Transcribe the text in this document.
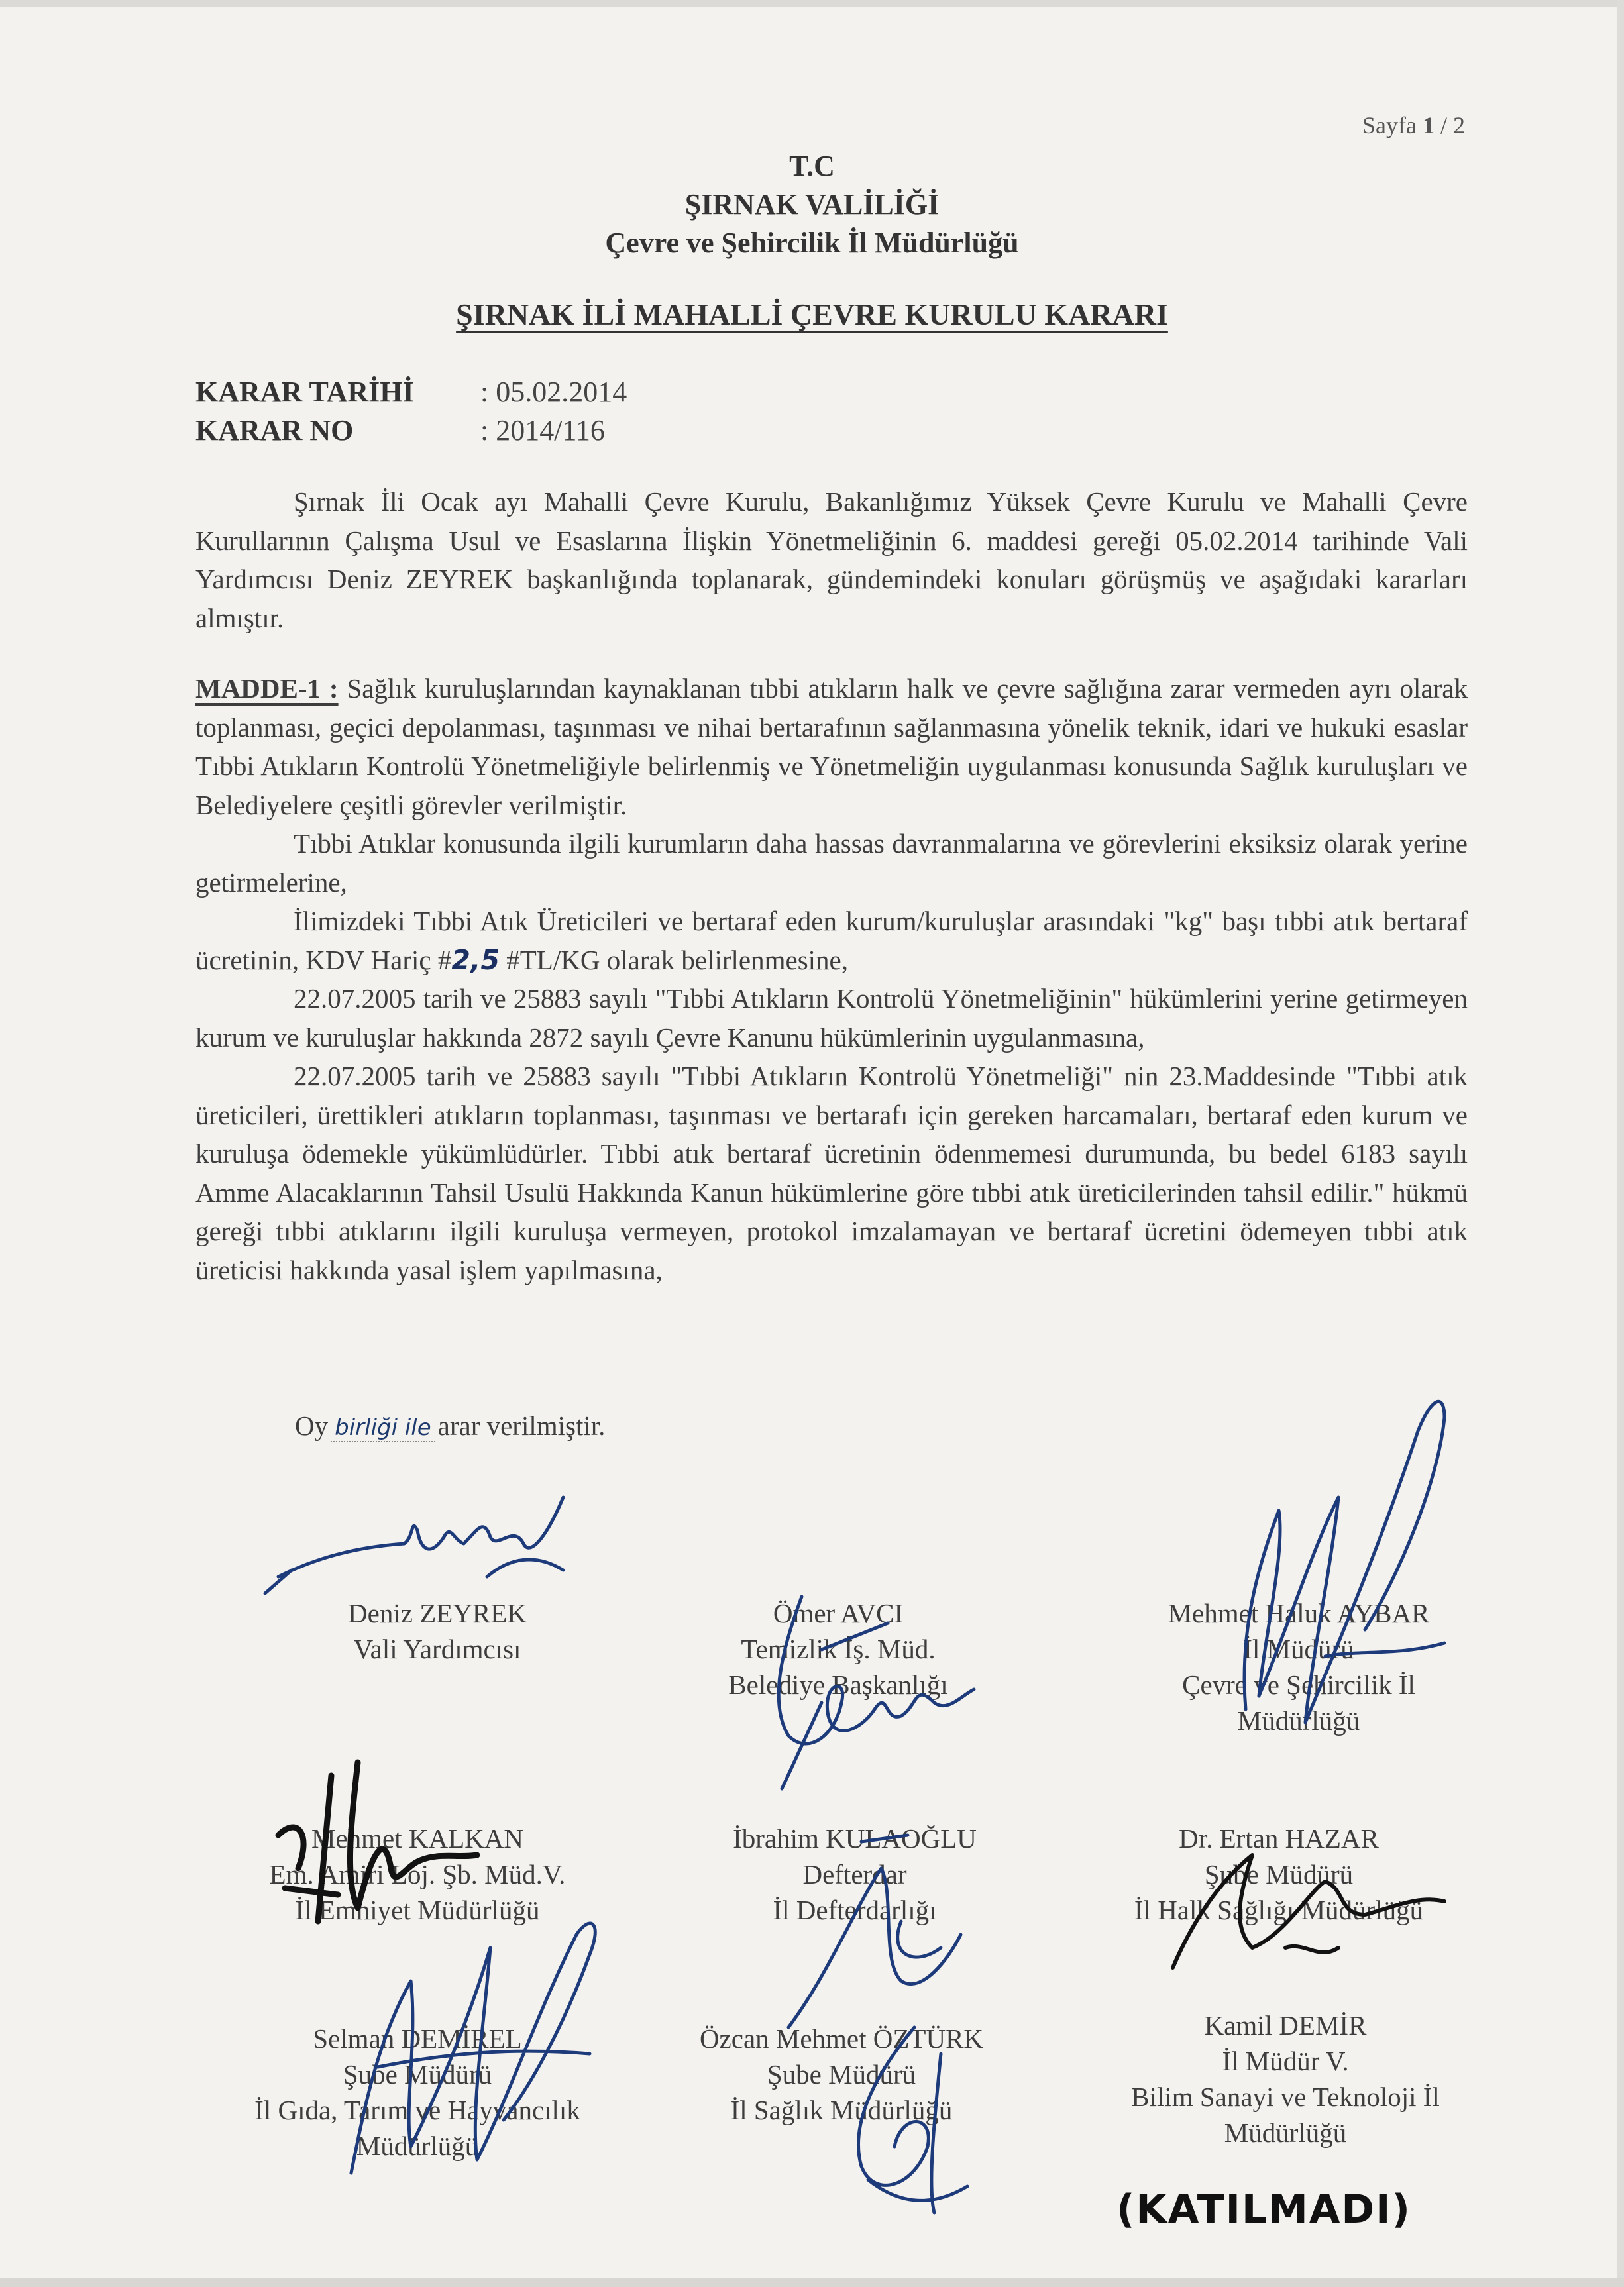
Sayfa 1 / 2
T.C
ŞIRNAK VALİLİĞİ
Çevre ve Şehircilik İl Müdürlüğü
ŞIRNAK İLİ MAHALLİ ÇEVRE KURULU KARARI
KARAR TARİHİ : 05.02.2014
KARAR NO	: 2014/116

Şırnak İli Ocak ayı Mahalli Çevre Kurulu, Bakanlığımız Yüksek Çevre Kurulu ve Mahalli Çevre Kurullarının Çalışma Usul ve Esaslarına İlişkin Yönetmeliğinin 6. maddesi gereği 05.02.2014 tarihinde Vali Yardımcısı Deniz ZEYREK başkanlığında toplanarak, gündemindeki konuları görüşmüş ve aşağıdaki kararları almıştır.

MADDE-1 : Sağlık kuruluşlarından kaynaklanan tıbbi atıkların halk ve çevre sağlığına zarar vermeden ayrı olarak toplanması, geçici depolanması, taşınması ve nihai bertarafının sağlanmasına yönelik teknik, idari ve hukuki esaslar Tıbbi Atıkların Kontrolü Yönetmeliğiyle belirlenmiş ve Yönetmeliğin uygulanması konusunda Sağlık kuruluşları ve Belediyelere çeşitli görevler verilmiştir.

Tıbbi Atıklar konusunda ilgili kurumların daha hassas davranmalarına ve görevlerini eksiksiz olarak yerine getirmelerine,

İlimizdeki Tıbbi Atık Üreticileri ve bertaraf eden kurum/kuruluşlar arasındaki "kg" başı tıbbi atık bertaraf ücretinin, KDV Hariç #2,5 #TL/KG olarak belirlenmesine,

22.07.2005 tarih ve 25883 sayılı "Tıbbi Atıkların Kontrolü Yönetmeliğinin" hükümlerini yerine getirmeyen kurum ve kuruluşlar hakkında 2872 sayılı Çevre Kanunu hükümlerinin uygulanmasına,

22.07.2005 tarih ve 25883 sayılı "Tıbbi Atıkların Kontrolü Yönetmeliği" nin 23.Maddesinde "Tıbbi atık üreticileri, ürettikleri atıkların toplanması, taşınması ve bertarafı için gereken harcamaları, bertaraf eden kurum ve kuruluşa ödemekle yükümlüdürler. Tıbbi atık bertaraf ücretinin ödenmemesi durumunda, bu bedel 6183 sayılı Amme Alacaklarının Tahsil Usulü Hakkında Kanun hükümlerine göre tıbbi atık üreticilerinden tahsil edilir." hükmü gereği tıbbi atıklarını ilgili kuruluşa vermeyen, protokol imzalamayan ve bertaraf ücretini ödemeyen tıbbi atık üreticisi hakkında yasal işlem yapılmasına,

Oy birliği ile arar verilmiştir.
Deniz ZEYREK
Vali Yardımcısı
Ömer AVCI
Temizlik İş. Müd.
Belediye Başkanlığı
Mehmet Haluk AYBAR
İl Müdürü
Çevre ve Şehircilik İl
Müdürlüğü
Mehmet KALKAN
Em. Amiri Loj. Şb. Müd.V.
İl Emniyet Müdürlüğü
İbrahim KULAOĞLU
Defterdar
İl Defterdarlığı
Dr. Ertan HAZAR
Şube Müdürü
İl Halk Sağlığı Müdürlüğü
Selman DEMİREL
Şube Müdürü
İl Gıda, Tarım ve Hayvancılık
Müdürlüğü
Özcan Mehmet ÖZTÜRK
Şube Müdürü
İl Sağlık Müdürlüğü
Kamil DEMİR
İl Müdür V.
Bilim Sanayi ve Teknoloji İl
Müdürlüğü
(KATILMADI)
